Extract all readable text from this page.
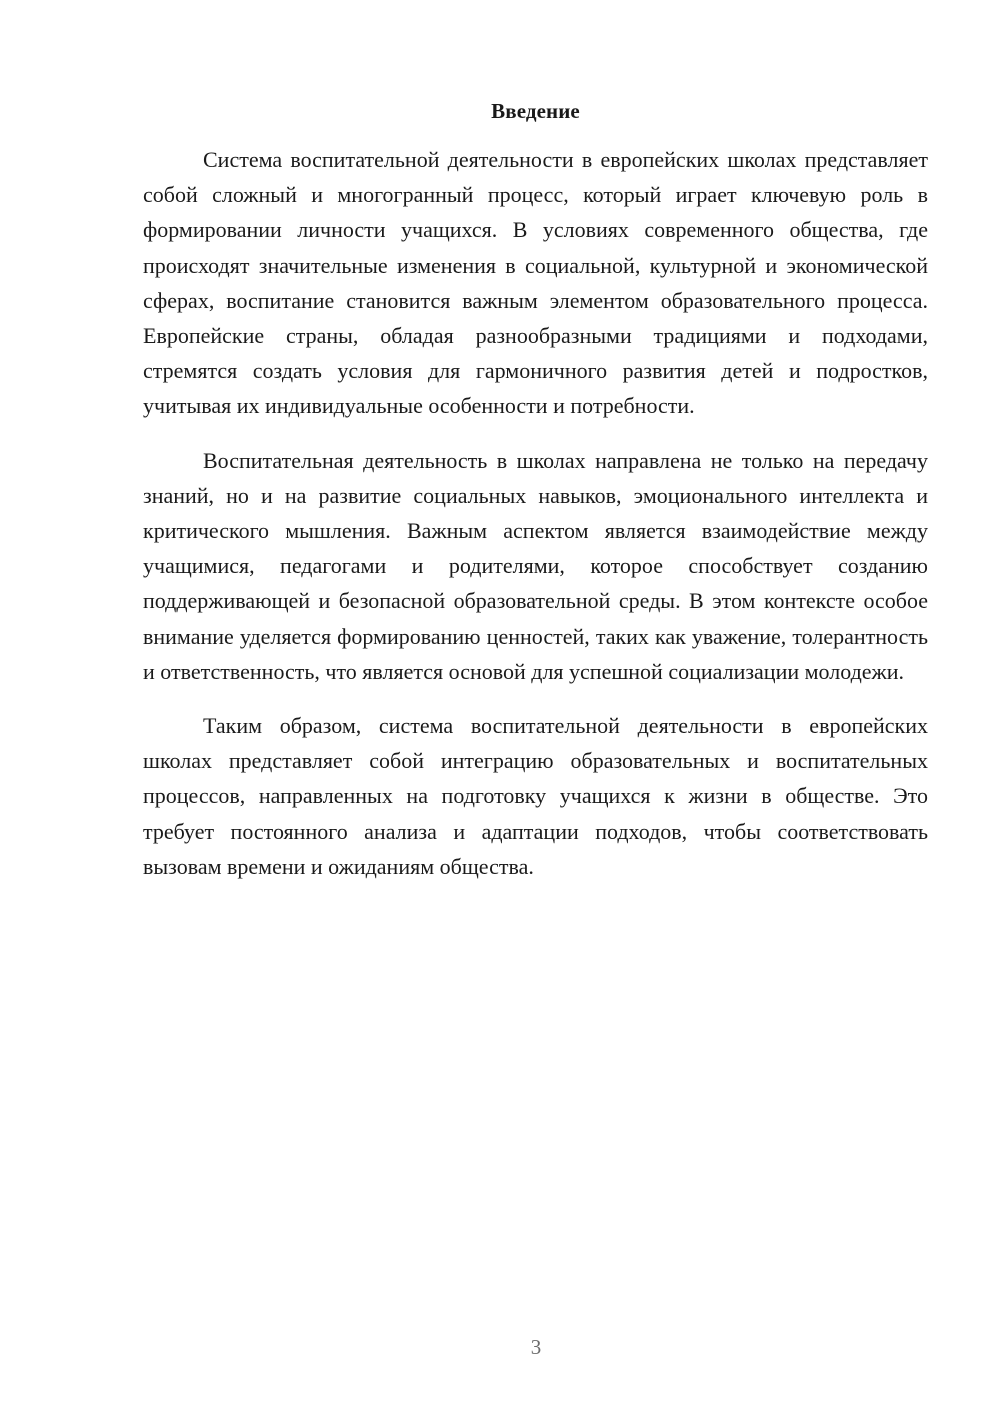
Введение

Система воспитательной деятельности в европейских школах представляет собой сложный и многогранный процесс, который играет ключевую роль в формировании личности учащихся. В условиях современного общества, где происходят значительные изменения в социальной, культурной и экономической сферах, воспитание становится важным элементом образовательного процесса. Европейские страны, обладая разнообразными традициями и подходами, стремятся создать условия для гармоничного развития детей и подростков, учитывая их индивидуальные особенности и потребности.

Воспитательная деятельность в школах направлена не только на передачу знаний, но и на развитие социальных навыков, эмоционального интеллекта и критического мышления. Важным аспектом является взаимодействие между учащимися, педагогами и родителями, которое способствует созданию поддерживающей и безопасной образовательной среды. В этом контексте особое внимание уделяется формированию ценностей, таких как уважение, толерантность и ответственность, что является основой для успешной социализации молодежи.

Таким образом, система воспитательной деятельности в европейских школах представляет собой интеграцию образовательных и воспитательных процессов, направленных на подготовку учащихся к жизни в обществе. Это требует постоянного анализа и адаптации подходов, чтобы соответствовать вызовам времени и ожиданиям общества.

3
